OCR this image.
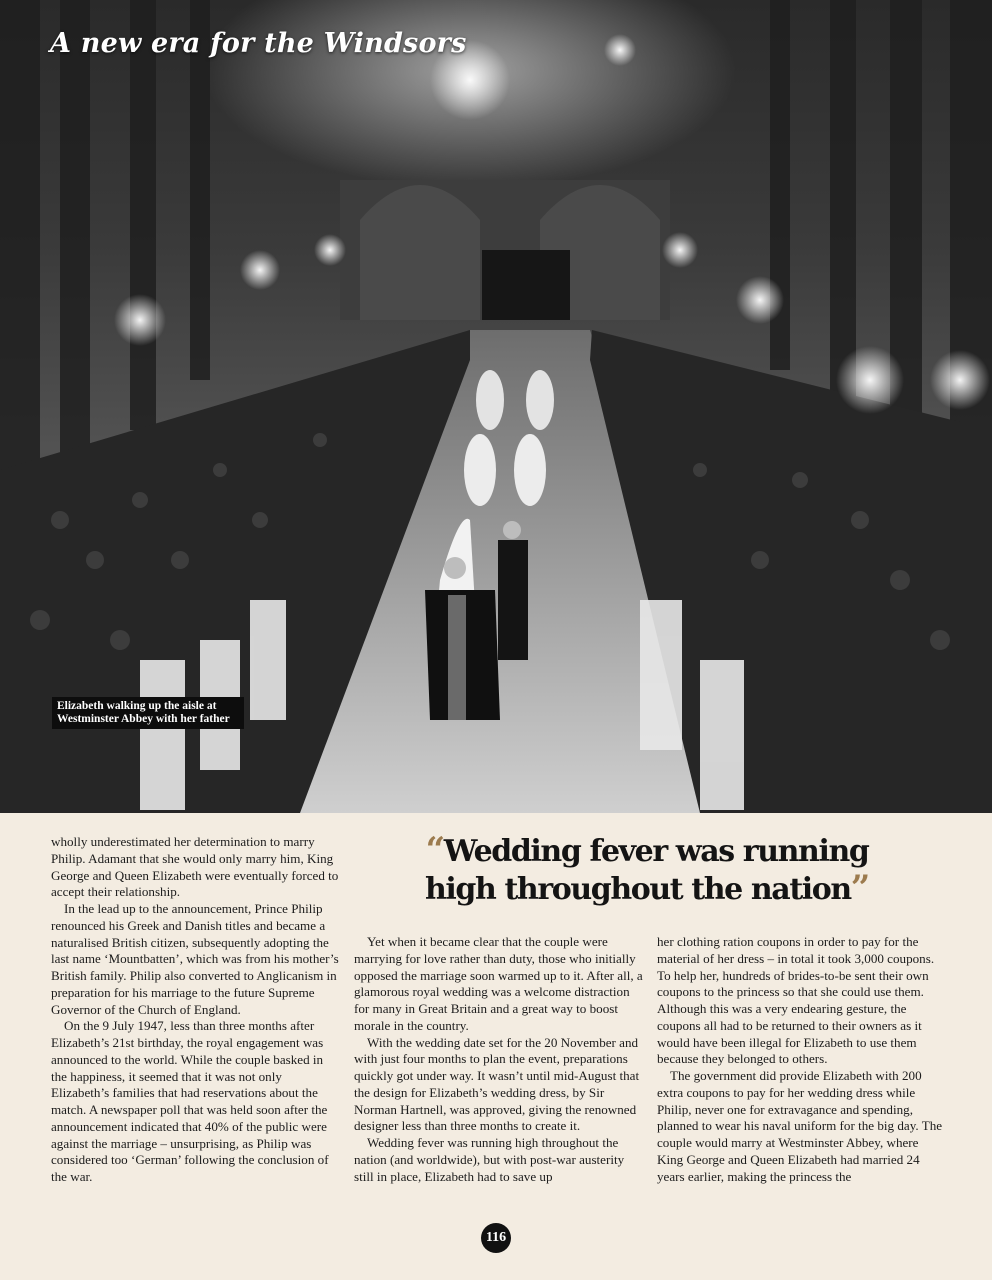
A new era for the Windsors
Elizabeth walking up the aisle at Westminster Abbey with her father

wholly underestimated her determination to marry Philip. Adamant that she would only marry him, King George and Queen Elizabeth were eventually forced to accept their relationship.

In the lead up to the announcement, Prince Philip renounced his Greek and Danish titles and became a naturalised British citizen, subsequently adopting the last name ‘Mountbatten’, which was from his mother’s British family. Philip also converted to Anglicanism in preparation for his marriage to the future Supreme Governor of the Church of England.

On the 9 July 1947, less than three months after Elizabeth’s 21st birthday, the royal engagement was announced to the world. While the couple basked in the happiness, it seemed that it was not only Elizabeth’s families that had reservations about the match. A newspaper poll that was held soon after the announcement indicated that 40% of the public were against the marriage – unsurprising, as Philip was considered too ‘German’ following the conclusion of the war.

“Wedding fever was running high throughout the nation”

Yet when it became clear that the couple were marrying for love rather than duty, those who initially opposed the marriage soon warmed up to it. After all, a glamorous royal wedding was a welcome distraction for many in Great Britain and a great way to boost morale in the country.

With the wedding date set for the 20 November and with just four months to plan the event, preparations quickly got under way. It wasn’t until mid-August that the design for Elizabeth’s wedding dress, by Sir Norman Hartnell, was approved, giving the renowned designer less than three months to create it.

Wedding fever was running high throughout the nation (and worldwide), but with post-war austerity still in place, Elizabeth had to save up

her clothing ration coupons in order to pay for the material of her dress – in total it took 3,000 coupons. To help her, hundreds of brides-to-be sent their own coupons to the princess so that she could use them. Although this was a very endearing gesture, the coupons all had to be returned to their owners as it would have been illegal for Elizabeth to use them because they belonged to others.

The government did provide Elizabeth with 200 extra coupons to pay for her wedding dress while Philip, never one for extravagance and spending, planned to wear his naval uniform for the big day. The couple would marry at Westminster Abbey, where King George and Queen Elizabeth had married 24 years earlier, making the princess the

116
